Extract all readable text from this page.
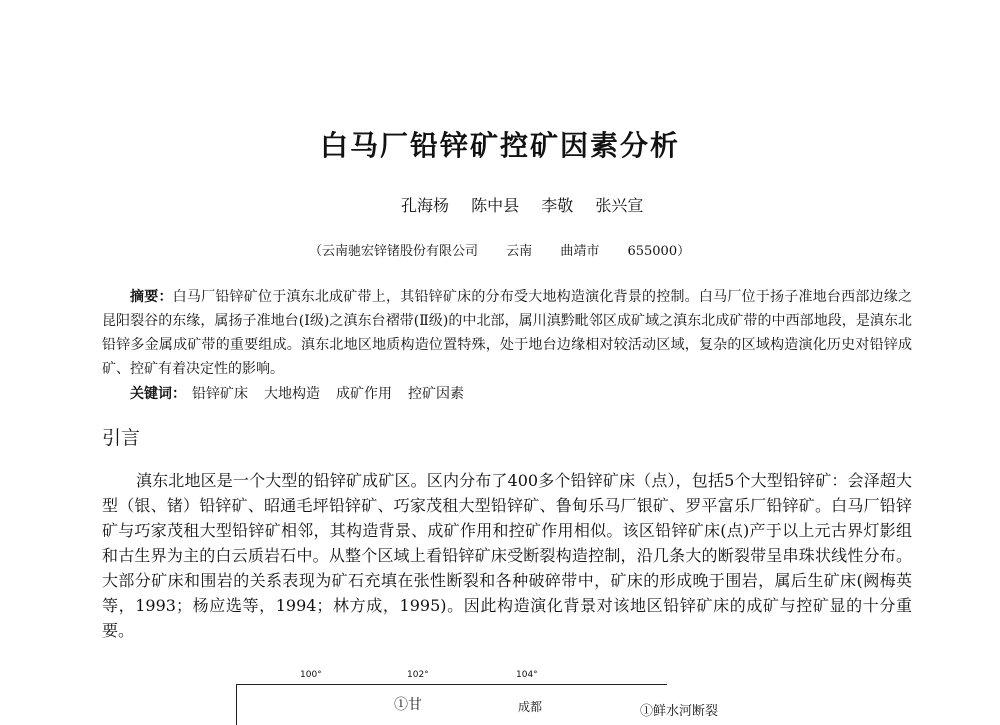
白马厂铅锌矿控矿因素分析
孔海杨 陈中县 李敬 张兴宣
（云南驰宏锌锗股份有限公司 云南 曲靖市 655000）
摘要：白马厂铅锌矿位于滇东北成矿带上，其铅锌矿床的分布受大地构造演化背景的控制。白马厂位于扬子准地台西部边缘之昆阳裂谷的东缘，属扬子准地台(Ⅰ级)之滇东台褶带(Ⅱ级)的中北部，属川滇黔毗邻区成矿域之滇东北成矿带的中西部地段，是滇东北铅锌多金属成矿带的重要组成。滇东北地区地质构造位置特殊，处于地台边缘相对较活动区域，复杂的区域构造演化历史对铅锌成矿、控矿有着决定性的影响。
关键词： 铅锌矿床 大地构造 成矿作用 控矿因素
引言
滇东北地区是一个大型的铅锌矿成矿区。区内分布了400多个铅锌矿床（点），包括5个大型铅锌矿：会泽超大型（银、锗）铅锌矿、昭通毛坪铅锌矿、巧家茂租大型铅锌矿、鲁甸乐马厂银矿、罗平富乐厂铅锌矿。白马厂铅锌矿与巧家茂租大型铅锌矿相邻，其构造背景、成矿作用和控矿作用相似。该区铅锌矿床(点)产于以上元古界灯影组和古生界为主的白云质岩石中。从整个区域上看铅锌矿床受断裂构造控制，沿几条大的断裂带呈串珠状线性分布。大部分矿床和围岩的关系表现为矿石充填在张性断裂和各种破碎带中，矿床的形成晚于围岩，属后生矿床(阙梅英等，1993；杨应选等，1994；林方成，1995)。因此构造演化背景对该地区铅锌矿床的成矿与控矿显的十分重要。
100°	102°	104°
①甘	成都	①鲜水河断裂
